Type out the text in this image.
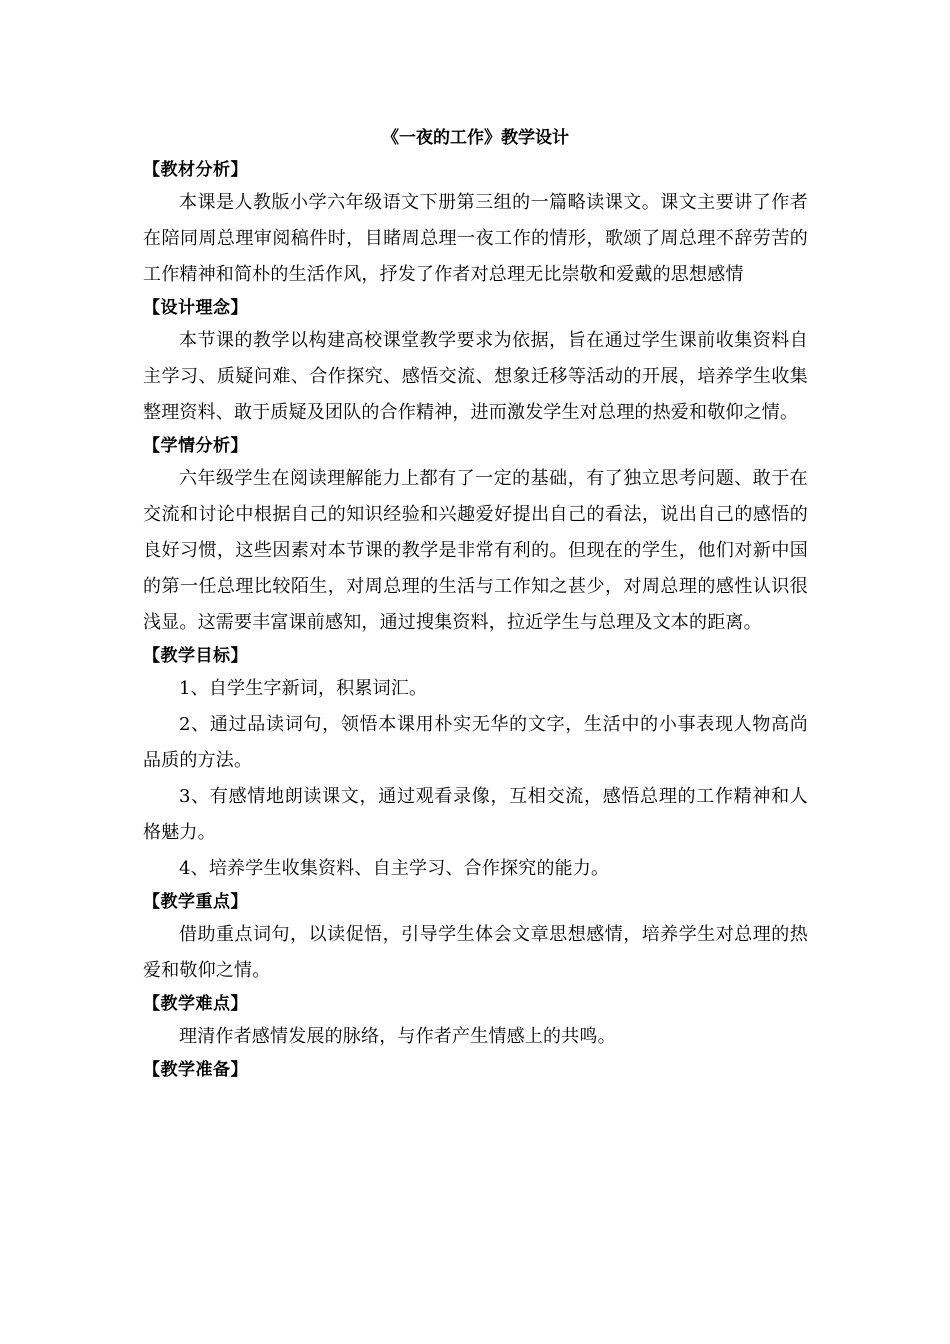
《一夜的工作》教学设计
【教材分析】

本课是人教版小学六年级语文下册第三组的一篇略读课文。课文主要讲了作者在陪同周总理审阅稿件时，目睹周总理一夜工作的情形，歌颂了周总理不辞劳苦的工作精神和简朴的生活作风，抒发了作者对总理无比崇敬和爱戴的思想感情

【设计理念】

本节课的教学以构建高校课堂教学要求为依据，旨在通过学生课前收集资料自主学习、质疑问难、合作探究、感悟交流、想象迁移等活动的开展，培养学生收集整理资料、敢于质疑及团队的合作精神，进而激发学生对总理的热爱和敬仰之情。

【学情分析】

六年级学生在阅读理解能力上都有了一定的基础，有了独立思考问题、敢于在交流和讨论中根据自己的知识经验和兴趣爱好提出自己的看法，说出自己的感悟的良好习惯，这些因素对本节课的教学是非常有利的。但现在的学生，他们对新中国的第一任总理比较陌生，对周总理的生活与工作知之甚少，对周总理的感性认识很浅显。这需要丰富课前感知，通过搜集资料，拉近学生与总理及文本的距离。

【教学目标】

1、自学生字新词，积累词汇。

2、通过品读词句，领悟本课用朴实无华的文字，生活中的小事表现人物高尚品质的方法。

3、有感情地朗读课文，通过观看录像，互相交流，感悟总理的工作精神和人格魅力。

4、培养学生收集资料、自主学习、合作探究的能力。

【教学重点】

借助重点词句，以读促悟，引导学生体会文章思想感情，培养学生对总理的热爱和敬仰之情。

【教学难点】

理清作者感情发展的脉络，与作者产生情感上的共鸣。

【教学准备】
